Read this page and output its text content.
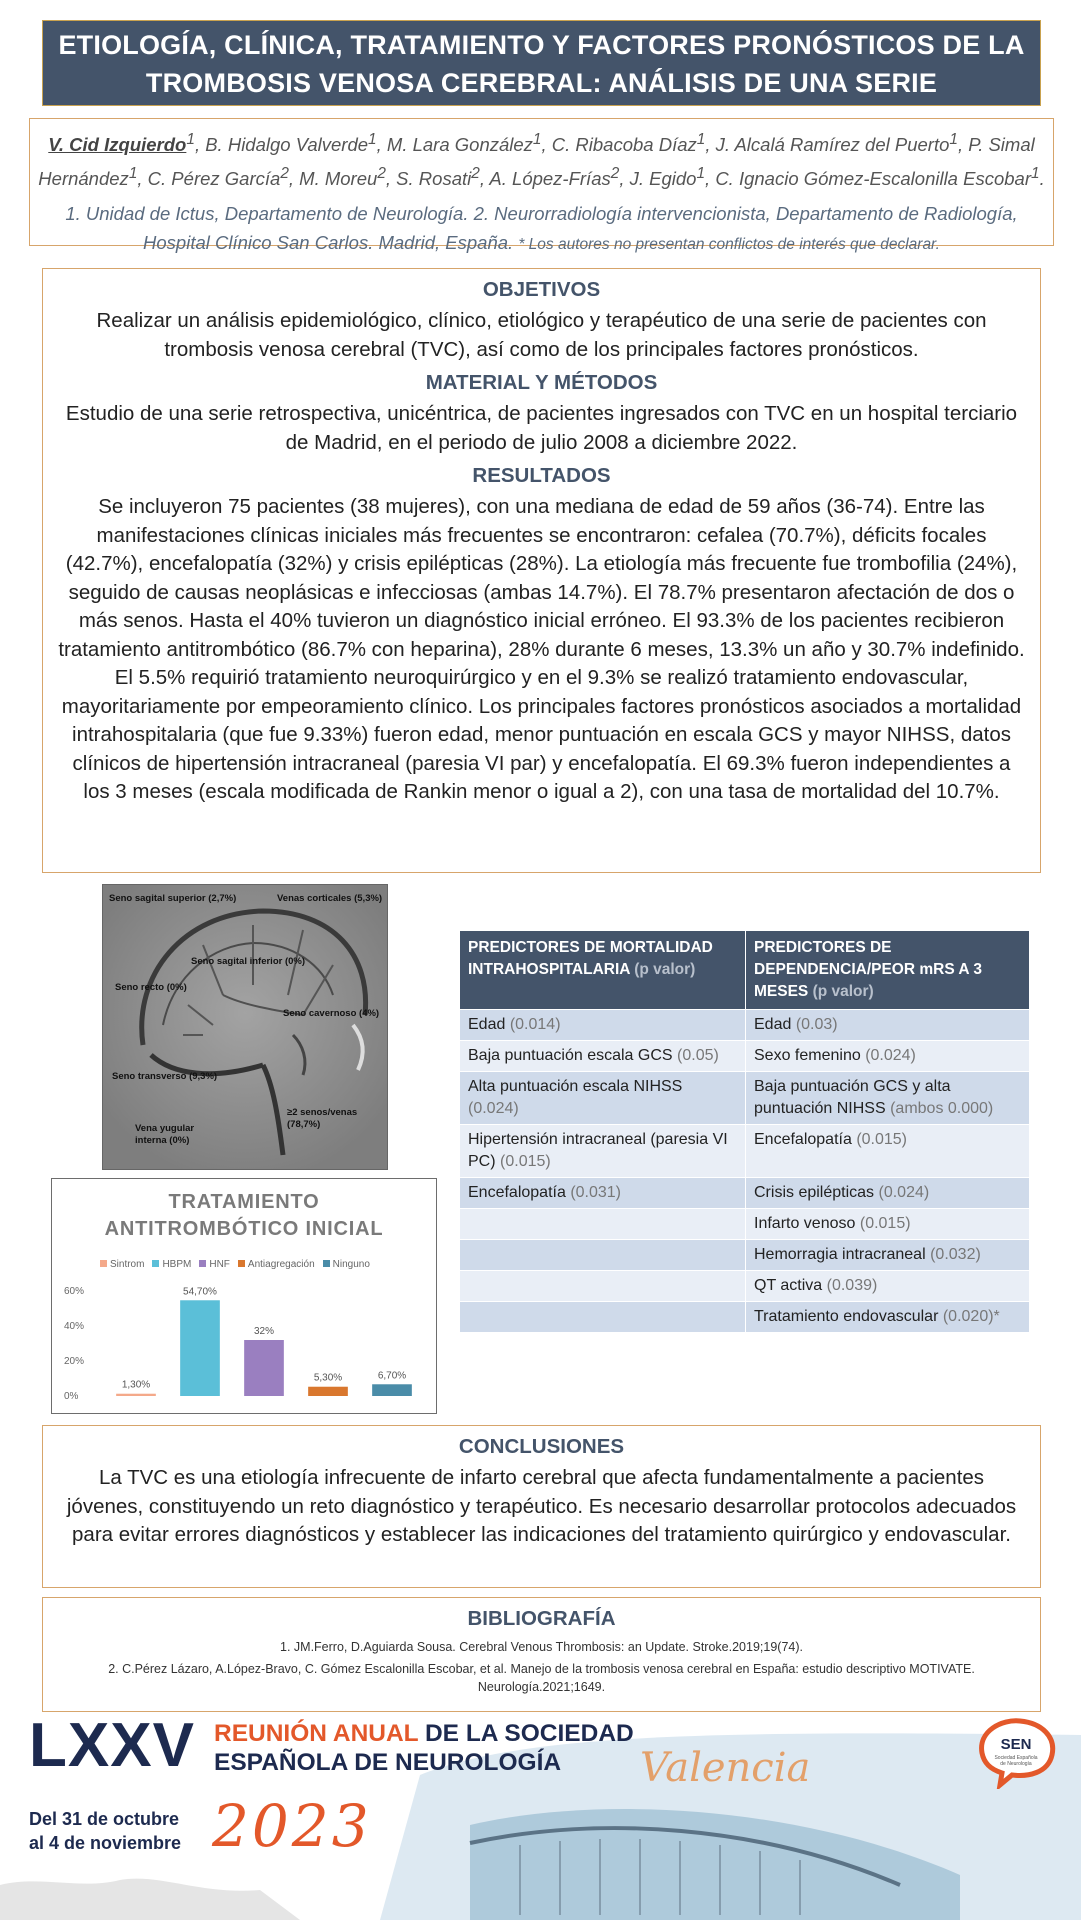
ETIOLOGÍA, CLÍNICA, TRATAMIENTO Y FACTORES PRONÓSTICOS DE LA
TROMBOSIS VENOSA CEREBRAL: ANÁLISIS DE UNA SERIE
V. Cid Izquierdo$^1$, B. Hidalgo Valverde$^1$, M. Lara González$^1$, C. Ribacoba Díaz$^1$, J. Alcalá Ramírez del Puerto$^1$, P. Simal Hernández$^1$, C. Pérez García$^2$, M. Moreu$^2$, S. Rosati$^2$, A. López-Frías$^2$, J. Egido$^1$, C. Ignacio Gómez-Escalonilla Escobar$^1$.
1. Unidad de Ictus, Departamento de Neurología. 2. Neurorradiología intervencionista, Departamento de Radiología, Hospital Clínico San Carlos. Madrid, España. * Los autores no presentan conflictos de interés que declarar.
OBJETIVOS

Realizar un análisis epidemiológico, clínico, etiológico y terapéutico de una serie de pacientes con trombosis venosa cerebral (TVC), así como de los principales factores pronósticos.

MATERIAL Y MÉTODOS

Estudio de una serie retrospectiva, unicéntrica, de pacientes ingresados con TVC en un hospital terciario de Madrid, en el periodo de julio 2008 a diciembre 2022.

RESULTADOS

Se incluyeron 75 pacientes (38 mujeres), con una mediana de edad de 59 años (36-74). Entre las manifestaciones clínicas iniciales más frecuentes se encontraron: cefalea (70.7%), déficits focales (42.7%), encefalopatía (32%) y crisis epilépticas (28%). La etiología más frecuente fue trombofilia (24%), seguido de causas neoplásicas e infecciosas (ambas 14.7%). El 78.7% presentaron afectación de dos o más senos. Hasta el 40% tuvieron un diagnóstico inicial erróneo. El 93.3% de los pacientes recibieron tratamiento antitrombótico (86.7% con heparina), 28% durante 6 meses, 13.3% un año y 30.7% indefinido. El 5.5% requirió tratamiento neuroquirúrgico y en el 9.3% se realizó tratamiento endovascular, mayoritariamente por empeoramiento clínico. Los principales factores pronósticos asociados a mortalidad intrahospitalaria (que fue 9.33%) fueron edad, menor puntuación en escala GCS y mayor NIHSS, datos clínicos de hipertensión intracraneal (paresia VI par) y encefalopatía. El 69.3% fueron independientes a los 3 meses (escala modificada de Rankin menor o igual a 2), con una tasa de mortalidad del 10.7%.

Seno sagital superior (2,7%)	Venas corticales (5,3%)
Seno sagital inferior (0%)
Seno recto (0%)
Seno cavernoso (4%)
Seno transverso (9,3%)
≥2 senos/venas
(78,7%)
Vena yugular
interna (0%)
TRATAMIENTO
ANTITROMBÓTICO INICIAL
Sintrom HBPM HNF Antiagregación Ninguno
0%
20%
40%
60%
1,30%
54,70%
32%
5,30%	6,70%
PREDICTORES DE MORTALIDAD INTRAHOSPITALARIA (p valor)	PREDICTORES DE DEPENDENCIA/PEOR mRS A 3 MESES (p valor)
Edad (0.014)	Edad (0.03)
Baja puntuación escala GCS (0.05)	Sexo femenino (0.024)
Alta puntuación escala NIHSS (0.024)	Baja puntuación GCS y alta puntuación NIHSS (ambos 0.000)
Hipertensión intracraneal (paresia VI PC) (0.015)	Encefalopatía (0.015)
Encefalopatía (0.031)	Crisis epilépticas (0.024)
	Infarto venoso (0.015)
	Hemorragia intracraneal (0.032)
	QT activa (0.039)
	Tratamiento endovascular (0.020)*
CONCLUSIONES

La TVC es una etiología infrecuente de infarto cerebral que afecta fundamentalmente a pacientes jóvenes, constituyendo un reto diagnóstico y terapéutico. Es necesario desarrollar protocolos adecuados para evitar errores diagnósticos y establecer las indicaciones del tratamiento quirúrgico y endovascular.

BIBLIOGRAFÍA

1. JM.Ferro, D.Aguiarda Sousa. Cerebral Venous Thrombosis: an Update. Stroke.2019;19(74).

2. C.Pérez Lázaro, A.López-Bravo, C. Gómez Escalonilla Escobar, et al. Manejo de la trombosis venosa cerebral en España: estudio descriptivo MOTIVATE. Neurología.2021;1649.

LXXV REUNIÓN ANUAL DE LA SOCIEDAD
ESPAÑOLA DE NEUROLOGÍA	Valencia
Del 31 de octubre
al 4 de noviembre 2023
SEN
Sociedad Española
de Neurología
